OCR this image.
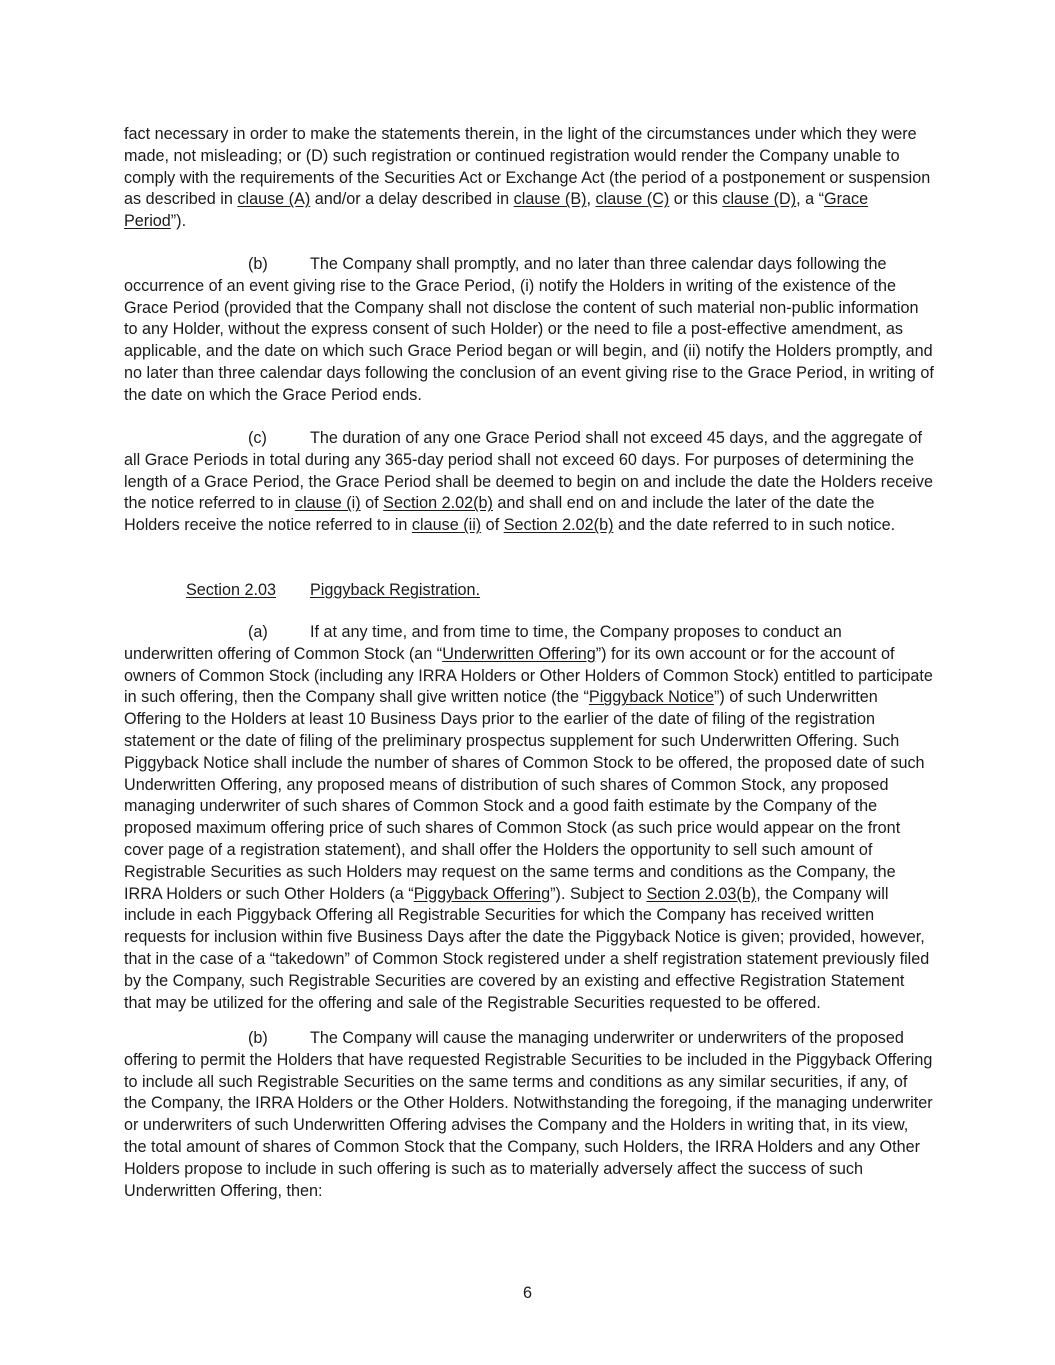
fact necessary in order to make the statements therein, in the light of the circumstances under which they were made, not misleading; or (D) such registration or continued registration would render the Company unable to comply with the requirements of the Securities Act or Exchange Act (the period of a postponement or suspension as described in clause (A) and/or a delay described in clause (B), clause (C) or this clause (D), a “Grace Period”).

(b)	The Company shall promptly, and no later than three calendar days following the occurrence of an event giving rise to the Grace Period, (i) notify the Holders in writing of the existence of the Grace Period (provided that the Company shall not disclose the content of such material non-public information to any Holder, without the express consent of such Holder) or the need to file a post-effective amendment, as applicable, and the date on which such Grace Period began or will begin, and (ii) notify the Holders promptly, and no later than three calendar days following the conclusion of an event giving rise to the Grace Period, in writing of the date on which the Grace Period ends.

(c)	The duration of any one Grace Period shall not exceed 45 days, and the aggregate of all Grace Periods in total during any 365-day period shall not exceed 60 days. For purposes of determining the length of a Grace Period, the Grace Period shall be deemed to begin on and include the date the Holders receive the notice referred to in clause (i) of Section 2.02(b) and shall end on and include the later of the date the Holders receive the notice referred to in clause (ii) of Section 2.02(b) and the date referred to in such notice.

Section 2.03 Piggyback Registration.

(a)	If at any time, and from time to time, the Company proposes to conduct an underwritten offering of Common Stock (an “Underwritten Offering”) for its own account or for the account of owners of Common Stock (including any IRRA Holders or Other Holders of Common Stock) entitled to participate in such offering, then the Company shall give written notice (the “Piggyback Notice”) of such Underwritten Offering to the Holders at least 10 Business Days prior to the earlier of the date of filing of the registration statement or the date of filing of the preliminary prospectus supplement for such Underwritten Offering. Such Piggyback Notice shall include the number of shares of Common Stock to be offered, the proposed date of such Underwritten Offering, any proposed means of distribution of such shares of Common Stock, any proposed managing underwriter of such shares of Common Stock and a good faith estimate by the Company of the proposed maximum offering price of such shares of Common Stock (as such price would appear on the front cover page of a registration statement), and shall offer the Holders the opportunity to sell such amount of Registrable Securities as such Holders may request on the same terms and conditions as the Company, the IRRA Holders or such Other Holders (a “Piggyback Offering”). Subject to Section 2.03(b), the Company will include in each Piggyback Offering all Registrable Securities for which the Company has received written requests for inclusion within five Business Days after the date the Piggyback Notice is given; provided, however, that in the case of a “takedown” of Common Stock registered under a shelf registration statement previously filed by the Company, such Registrable Securities are covered by an existing and effective Registration Statement that may be utilized for the offering and sale of the Registrable Securities requested to be offered.

(b)	The Company will cause the managing underwriter or underwriters of the proposed offering to permit the Holders that have requested Registrable Securities to be included in the Piggyback Offering to include all such Registrable Securities on the same terms and conditions as any similar securities, if any, of the Company, the IRRA Holders or the Other Holders. Notwithstanding the foregoing, if the managing underwriter or underwriters of such Underwritten Offering advises the Company and the Holders in writing that, in its view, the total amount of shares of Common Stock that the Company, such Holders, the IRRA Holders and any Other Holders propose to include in such offering is such as to materially adversely affect the success of such Underwritten Offering, then:

6
